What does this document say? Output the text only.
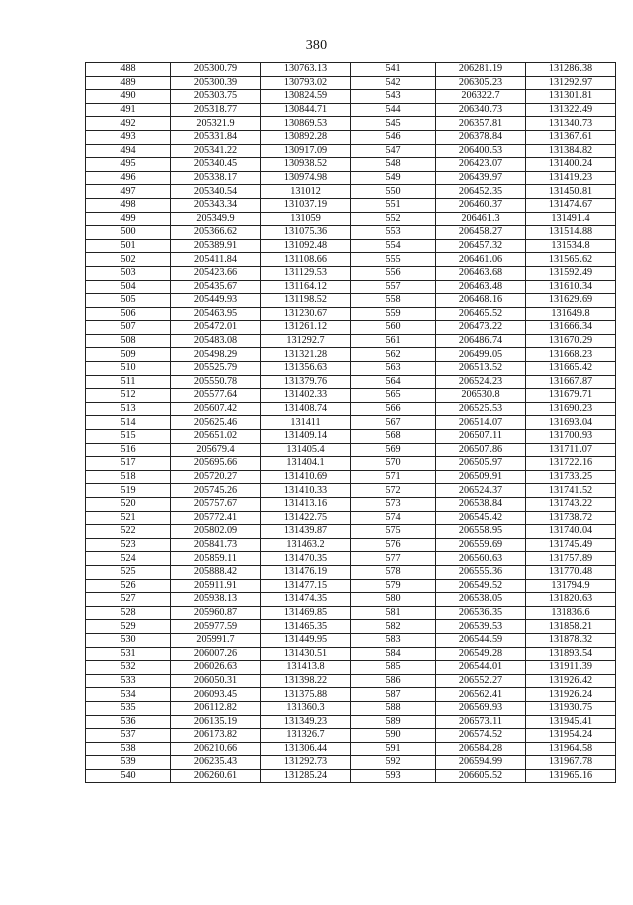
380
488	205300.79	130763.13	541	206281.19	131286.38
489	205300.39	130793.02	542	206305.23	131292.97
490	205303.75	130824.59	543	206322.7	131301.81
491	205318.77	130844.71	544	206340.73	131322.49
492	205321.9	130869.53	545	206357.81	131340.73
493	205331.84	130892.28	546	206378.84	131367.61
494	205341.22	130917.09	547	206400.53	131384.82
495	205340.45	130938.52	548	206423.07	131400.24
496	205338.17	130974.98	549	206439.97	131419.23
497	205340.54	131012	550	206452.35	131450.81
498	205343.34	131037.19	551	206460.37	131474.67
499	205349.9	131059	552	206461.3	131491.4
500	205366.62	131075.36	553	206458.27	131514.88
501	205389.91	131092.48	554	206457.32	131534.8
502	205411.84	131108.66	555	206461.06	131565.62
503	205423.66	131129.53	556	206463.68	131592.49
504	205435.67	131164.12	557	206463.48	131610.34
505	205449.93	131198.52	558	206468.16	131629.69
506	205463.95	131230.67	559	206465.52	131649.8
507	205472.01	131261.12	560	206473.22	131666.34
508	205483.08	131292.7	561	206486.74	131670.29
509	205498.29	131321.28	562	206499.05	131668.23
510	205525.79	131356.63	563	206513.52	131665.42
511	205550.78	131379.76	564	206524.23	131667.87
512	205577.64	131402.33	565	206530.8	131679.71
513	205607.42	131408.74	566	206525.53	131690.23
514	205625.46	131411	567	206514.07	131693.04
515	205651.02	131409.14	568	206507.11	131700.93
516	205679.4	131405.4	569	206507.86	131711.07
517	205695.66	131404.1	570	206505.97	131722.16
518	205720.27	131410.69	571	206509.91	131733.25
519	205745.26	131410.33	572	206524.37	131741.52
520	205757.67	131413.16	573	206538.84	131743.22
521	205772.41	131422.75	574	206545.42	131738.72
522	205802.09	131439.87	575	206558.95	131740.04
523	205841.73	131463.2	576	206559.69	131745.49
524	205859.11	131470.35	577	206560.63	131757.89
525	205888.42	131476.19	578	206555.36	131770.48
526	205911.91	131477.15	579	206549.52	131794.9
527	205938.13	131474.35	580	206538.05	131820.63
528	205960.87	131469.85	581	206536.35	131836.6
529	205977.59	131465.35	582	206539.53	131858.21
530	205991.7	131449.95	583	206544.59	131878.32
531	206007.26	131430.51	584	206549.28	131893.54
532	206026.63	131413.8	585	206544.01	131911.39
533	206050.31	131398.22	586	206552.27	131926.42
534	206093.45	131375.88	587	206562.41	131926.24
535	206112.82	131360.3	588	206569.93	131930.75
536	206135.19	131349.23	589	206573.11	131945.41
537	206173.82	131326.7	590	206574.52	131954.24
538	206210.66	131306.44	591	206584.28	131964.58
539	206235.43	131292.73	592	206594.99	131967.78
540	206260.61	131285.24	593	206605.52	131965.16
